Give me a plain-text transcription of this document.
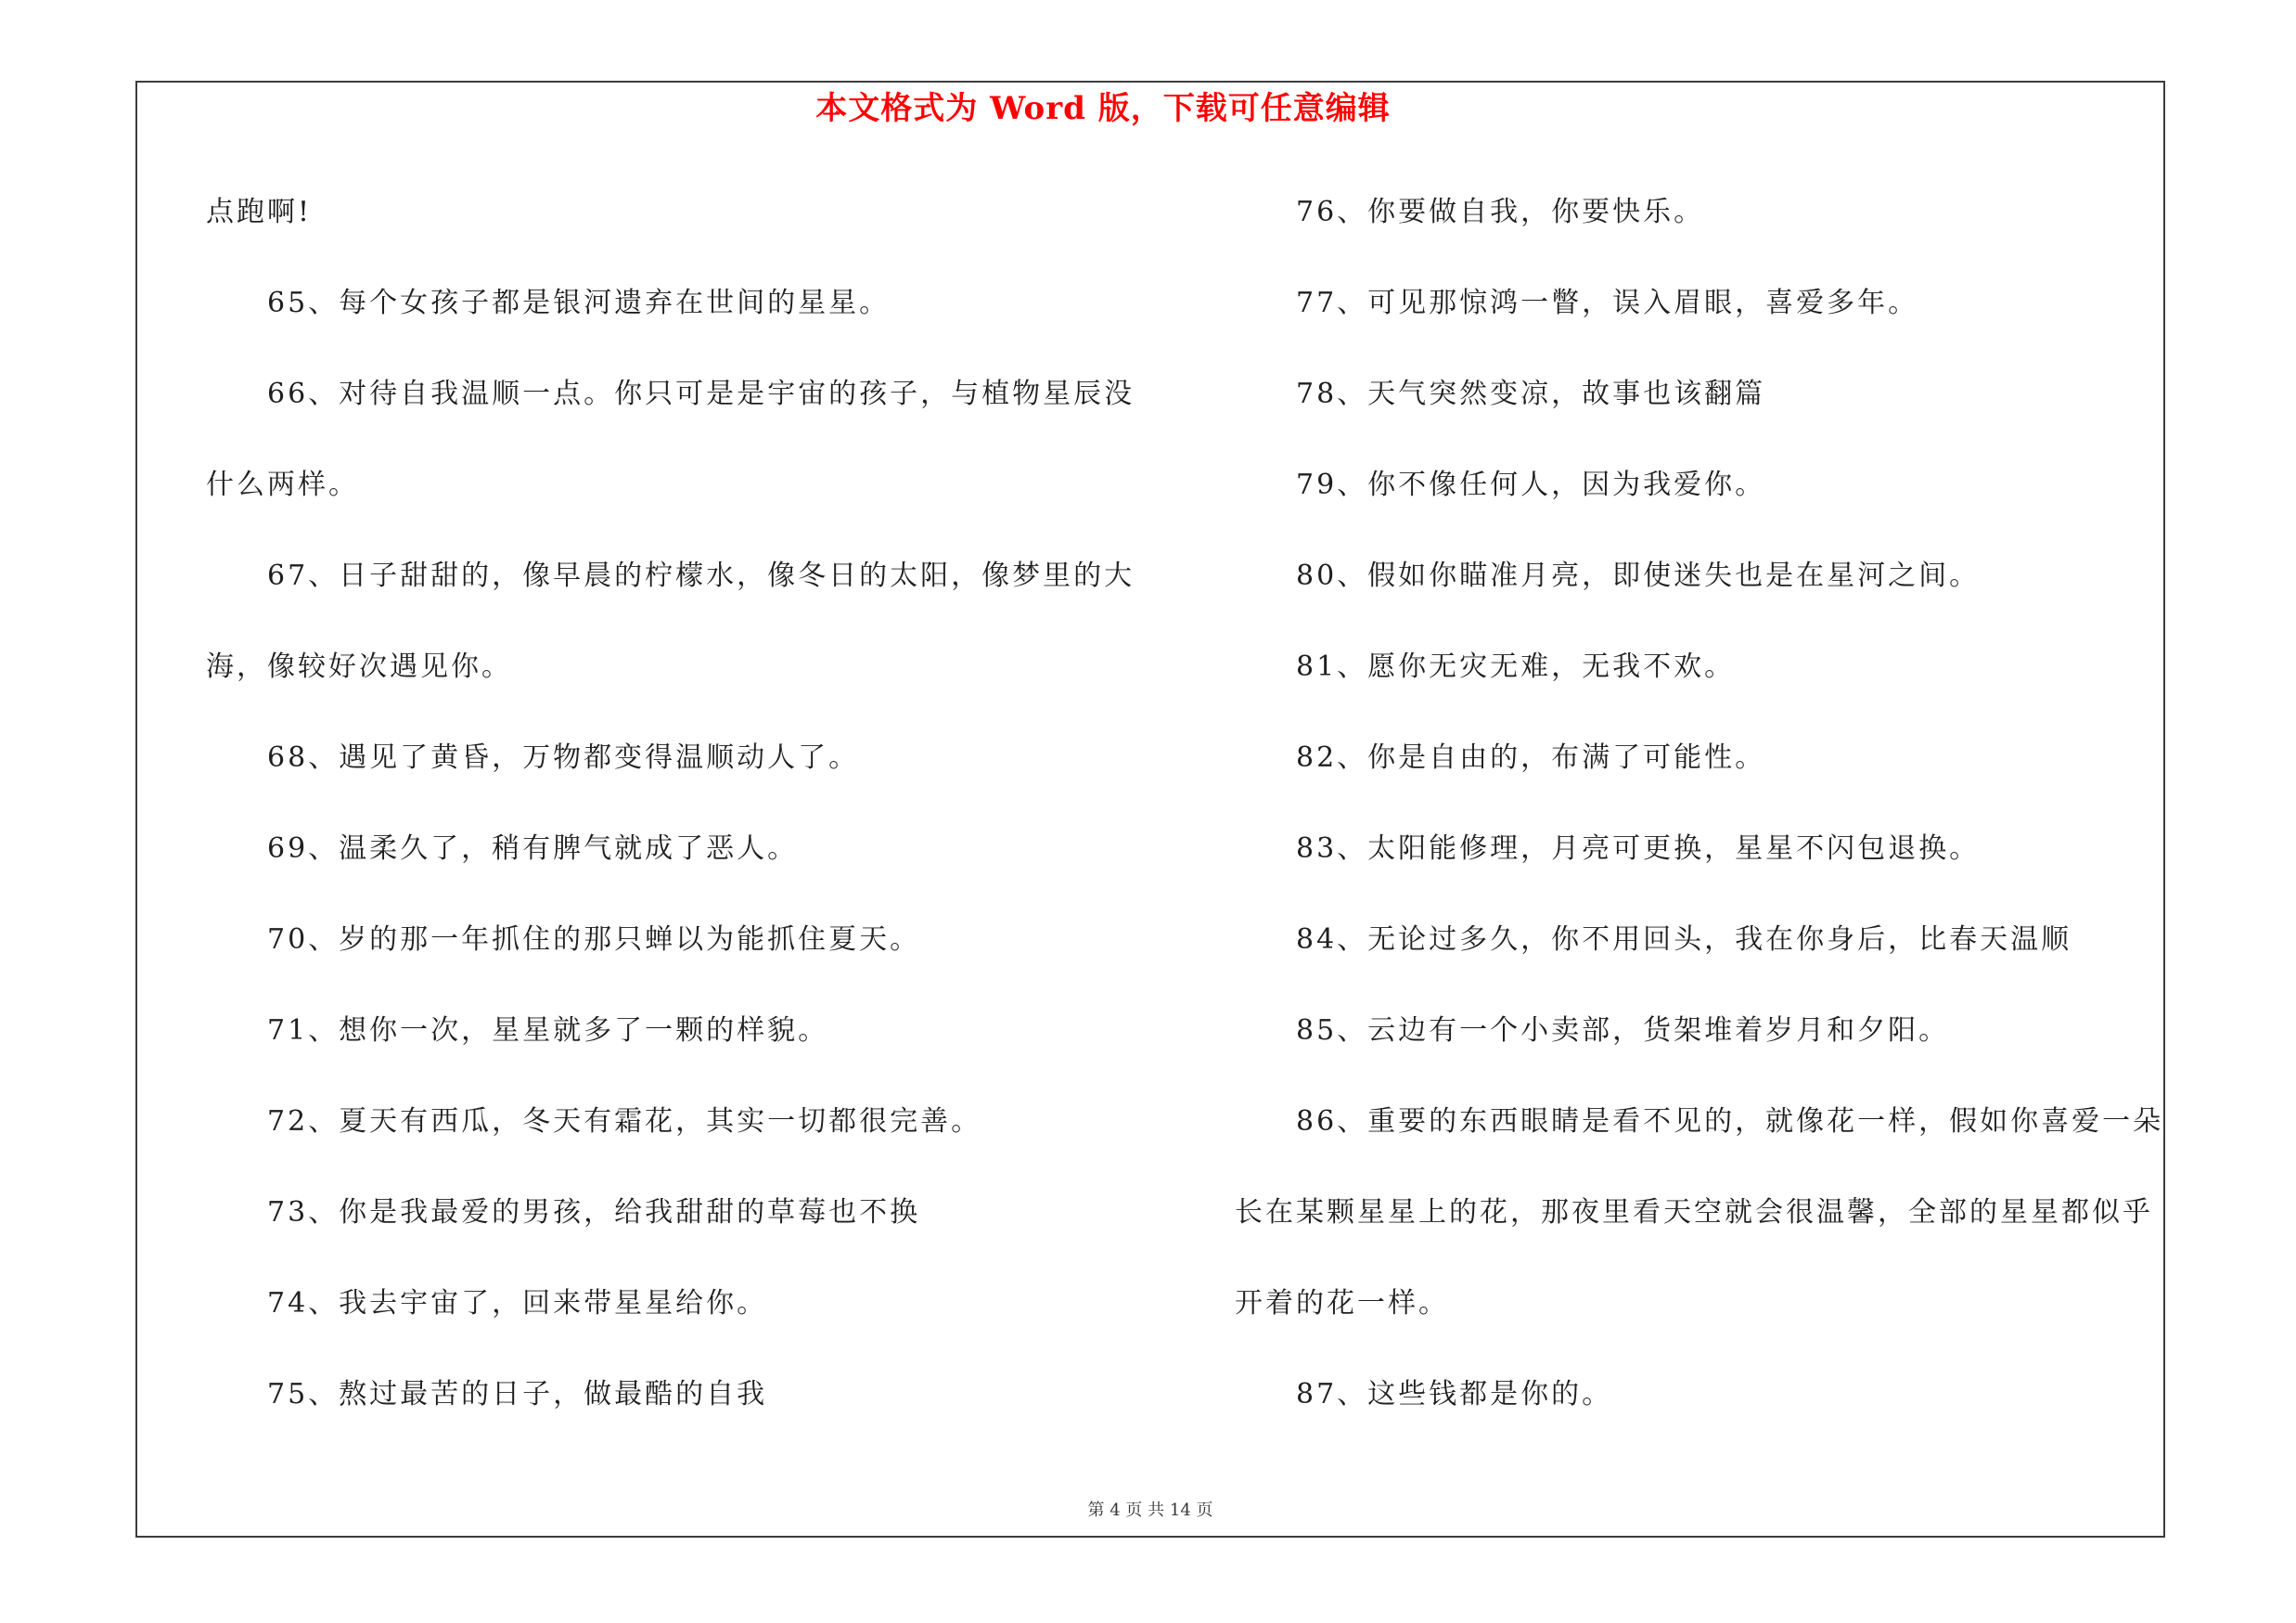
本文格式为 Word 版，下载可任意编辑
点跑啊!
65、每个女孩子都是银河遗弃在世间的星星。
66、对待自我温顺一点。你只可是是宇宙的孩子，与植物星辰没
什么两样。
67、日子甜甜的，像早晨的柠檬水，像冬日的太阳，像梦里的大
海，像较好次遇见你。
68、遇见了黄昏，万物都变得温顺动人了。
69、温柔久了，稍有脾气就成了恶人。
70、岁的那一年抓住的那只蝉以为能抓住夏天。
71、想你一次，星星就多了一颗的样貌。
72、夏天有西瓜，冬天有霜花，其实一切都很完善。
73、你是我最爱的男孩，给我甜甜的草莓也不换
74、我去宇宙了，回来带星星给你。
75、熬过最苦的日子，做最酷的自我
76、你要做自我，你要快乐。
77、可见那惊鸿一瞥，误入眉眼，喜爱多年。
78、天气突然变凉，故事也该翻篇
79、你不像任何人，因为我爱你。
80、假如你瞄准月亮，即使迷失也是在星河之间。
81、愿你无灾无难，无我不欢。
82、你是自由的，布满了可能性。
83、太阳能修理，月亮可更换，星星不闪包退换。
84、无论过多久，你不用回头，我在你身后，比春天温顺
85、云边有一个小卖部，货架堆着岁月和夕阳。
86、重要的东西眼睛是看不见的，就像花一样，假如你喜爱一朵
长在某颗星星上的花，那夜里看天空就会很温馨，全部的星星都似乎
开着的花一样。
87、这些钱都是你的。
第 4 页 共 14 页
